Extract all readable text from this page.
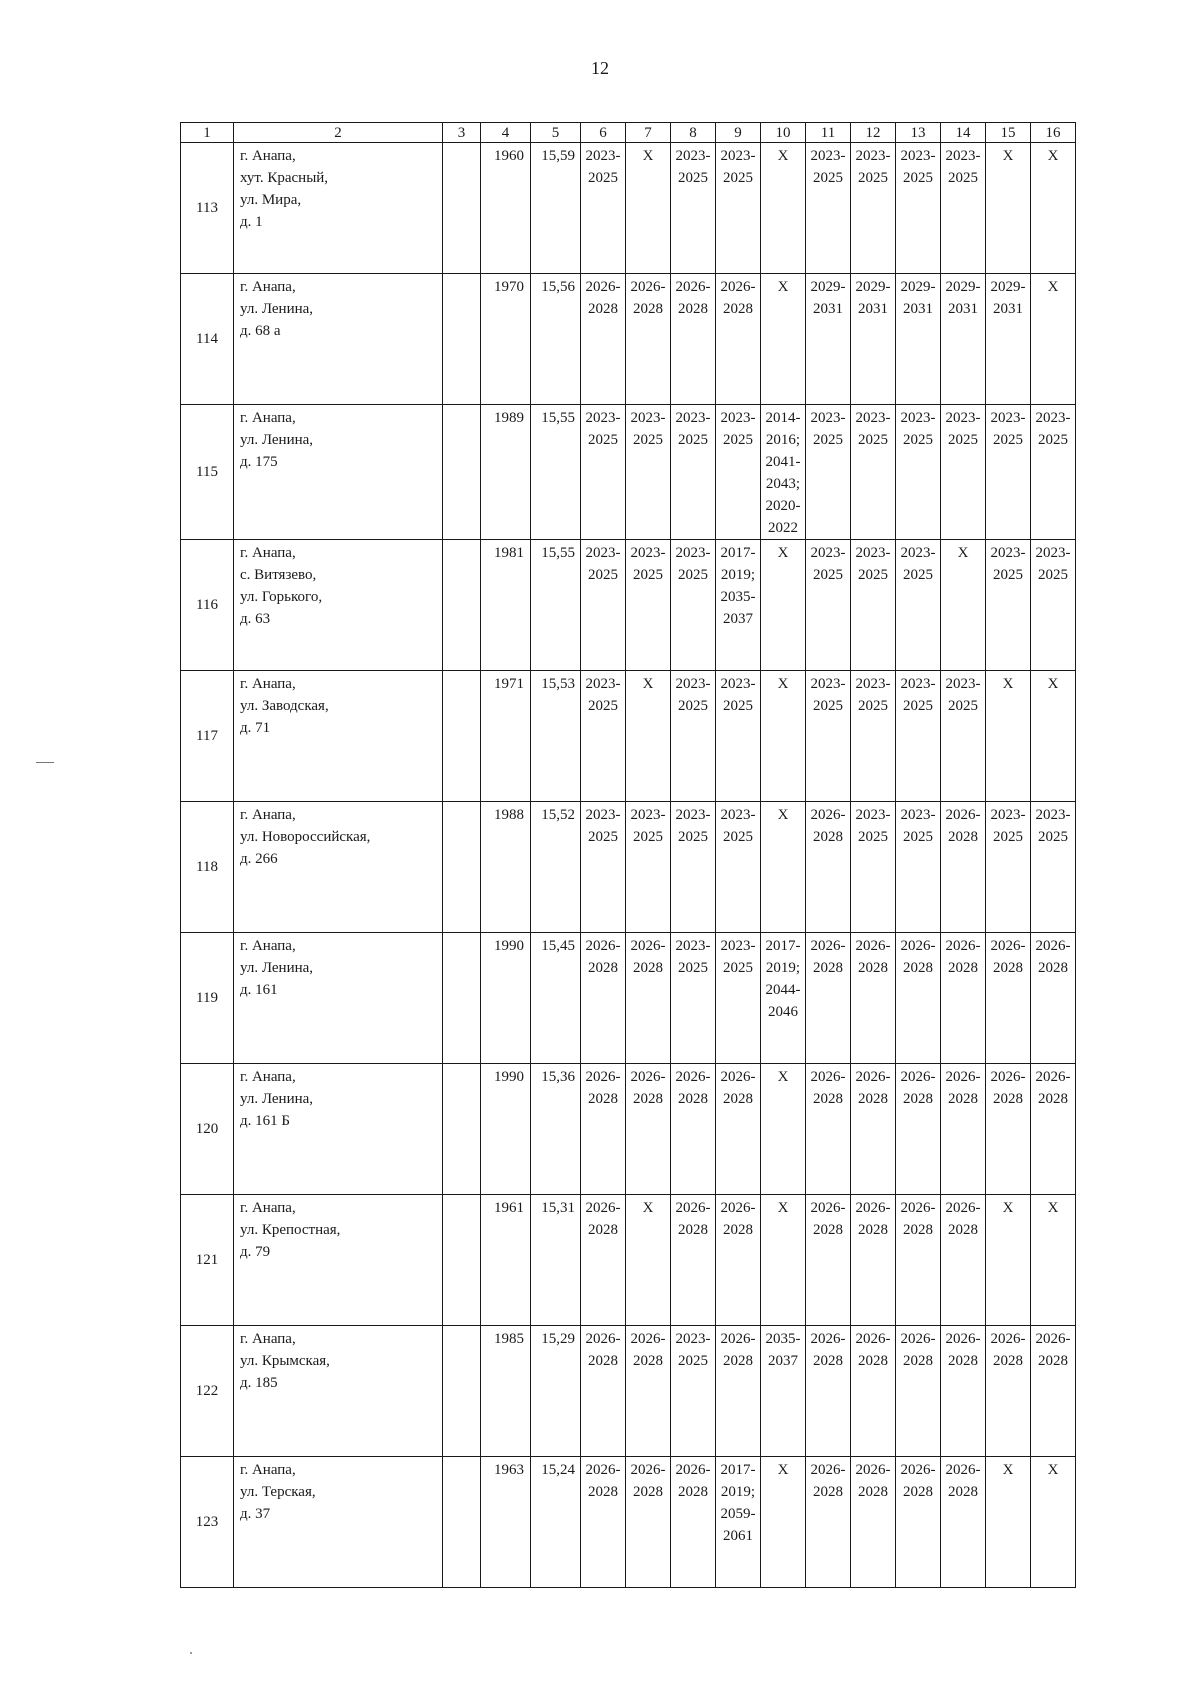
12
1	2	3	4	5	6	7	8	9	10	11	12	13	14	15	16
113	г. Анапа,
хут. Красный,
ул. Мира,
д. 1		1960	15,59	2023-2025	X	2023-2025	2023-2025	X	2023-2025	2023-2025	2023-2025	2023-2025	X	X
114	г. Анапа,
ул. Ленина,
д. 68 а		1970	15,56	2026-2028	2026-2028	2026-2028	2026-2028	X	2029-2031	2029-2031	2029-2031	2029-2031	2029-2031	X
115	г. Анапа,
ул. Ленина,
д. 175		1989	15,55	2023-2025	2023-2025	2023-2025	2023-2025	2014-2016; 2041-2043; 2020-2022	2023-2025	2023-2025	2023-2025	2023-2025	2023-2025	2023-2025
116	г. Анапа,
с. Витязево,
ул. Горького,
д. 63		1981	15,55	2023-2025	2023-2025	2023-2025	2017-2019; 2035-2037	X	2023-2025	2023-2025	2023-2025	X	2023-2025	2023-2025
117	г. Анапа,
ул. Заводская,
д. 71		1971	15,53	2023-2025	X	2023-2025	2023-2025	X	2023-2025	2023-2025	2023-2025	2023-2025	X	X
118	г. Анапа,
ул. Новороссийская,
д. 266		1988	15,52	2023-2025	2023-2025	2023-2025	2023-2025	X	2026-2028	2023-2025	2023-2025	2026-2028	2023-2025	2023-2025
119	г. Анапа,
ул. Ленина,
д. 161		1990	15,45	2026-2028	2026-2028	2023-2025	2023-2025	2017-2019; 2044-2046	2026-2028	2026-2028	2026-2028	2026-2028	2026-2028	2026-2028
120	г. Анапа,
ул. Ленина,
д. 161 Б		1990	15,36	2026-2028	2026-2028	2026-2028	2026-2028	X	2026-2028	2026-2028	2026-2028	2026-2028	2026-2028	2026-2028
121	г. Анапа,
ул. Крепостная,
д. 79		1961	15,31	2026-2028	X	2026-2028	2026-2028	X	2026-2028	2026-2028	2026-2028	2026-2028	X	X
122	г. Анапа,
ул. Крымская,
д. 185		1985	15,29	2026-2028	2026-2028	2023-2025	2026-2028	2035-2037	2026-2028	2026-2028	2026-2028	2026-2028	2026-2028	2026-2028
123	г. Анапа,
ул. Терская,
д. 37		1963	15,24	2026-2028	2026-2028	2026-2028	2017-2019; 2059-2061	X	2026-2028	2026-2028	2026-2028	2026-2028	X	X
